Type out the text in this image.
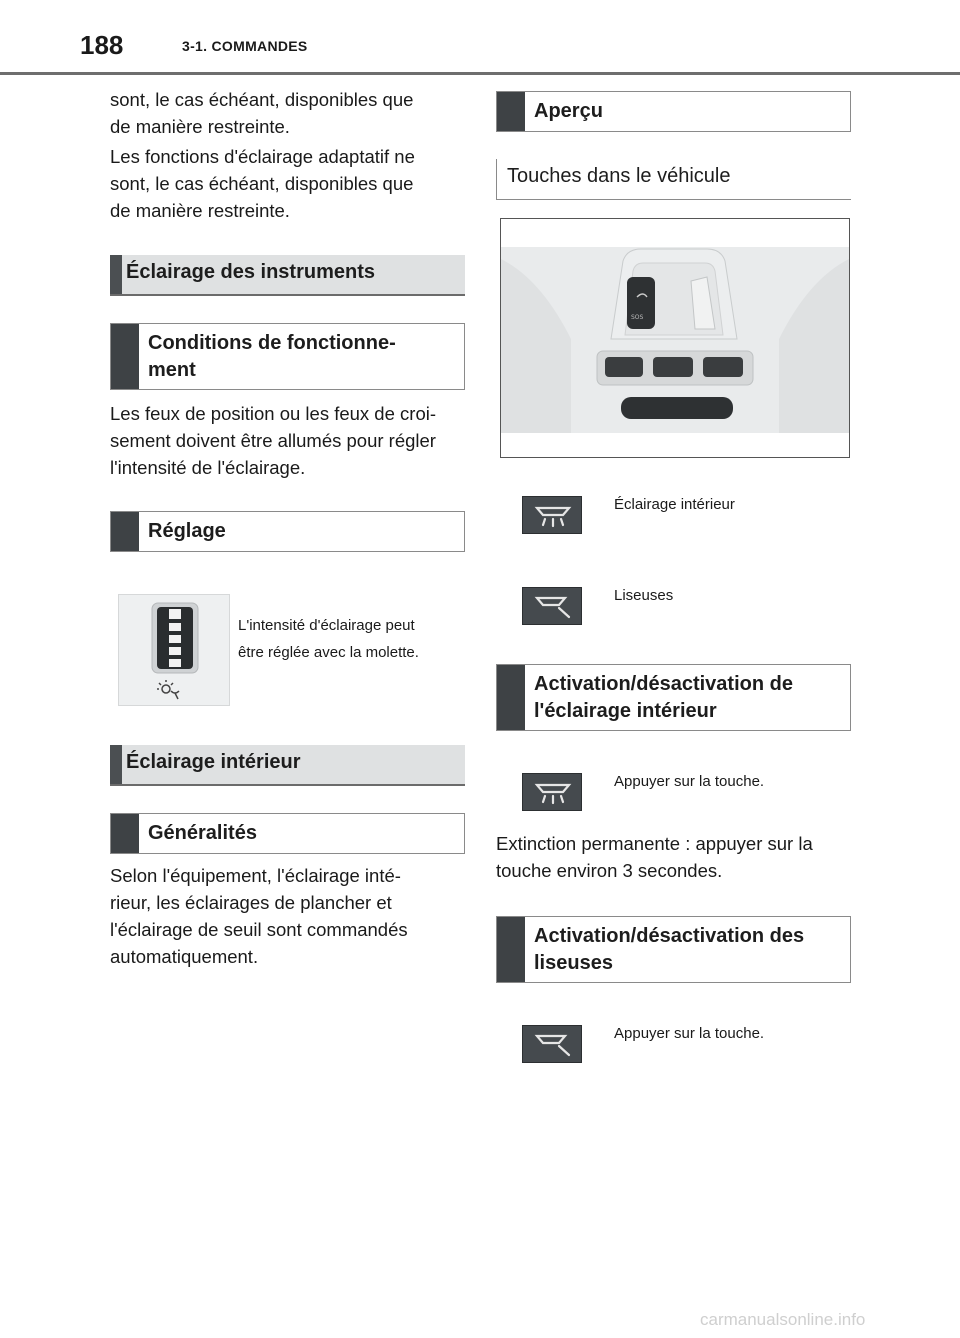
188	3-1. COMMANDES

sont, le cas échéant, disponibles que

de manière restreinte.

Les fonctions d'éclairage adaptatif ne

sont, le cas échéant, disponibles que

de manière restreinte.

Éclairage des instruments
Conditions de fonctionne-
ment

Les feux de position ou les feux de croi-

sement doivent être allumés pour régler

l'intensité de l'éclairage.

Réglage
L'intensité d'éclairage peut
être réglée avec la molette.
Éclairage intérieur
Généralités

Selon l'équipement, l'éclairage inté-

rieur, les éclairages de plancher et

l'éclairage de seuil sont commandés

automatiquement.

Aperçu
Touches dans le véhicule
SOS
Éclairage intérieur
Liseuses
Activation/désactivation de
l'éclairage intérieur
Appuyer sur la touche.

Extinction permanente : appuyer sur la

touche environ 3 secondes.

Activation/désactivation des
liseuses
Appuyer sur la touche.
carmanualsonline.info
